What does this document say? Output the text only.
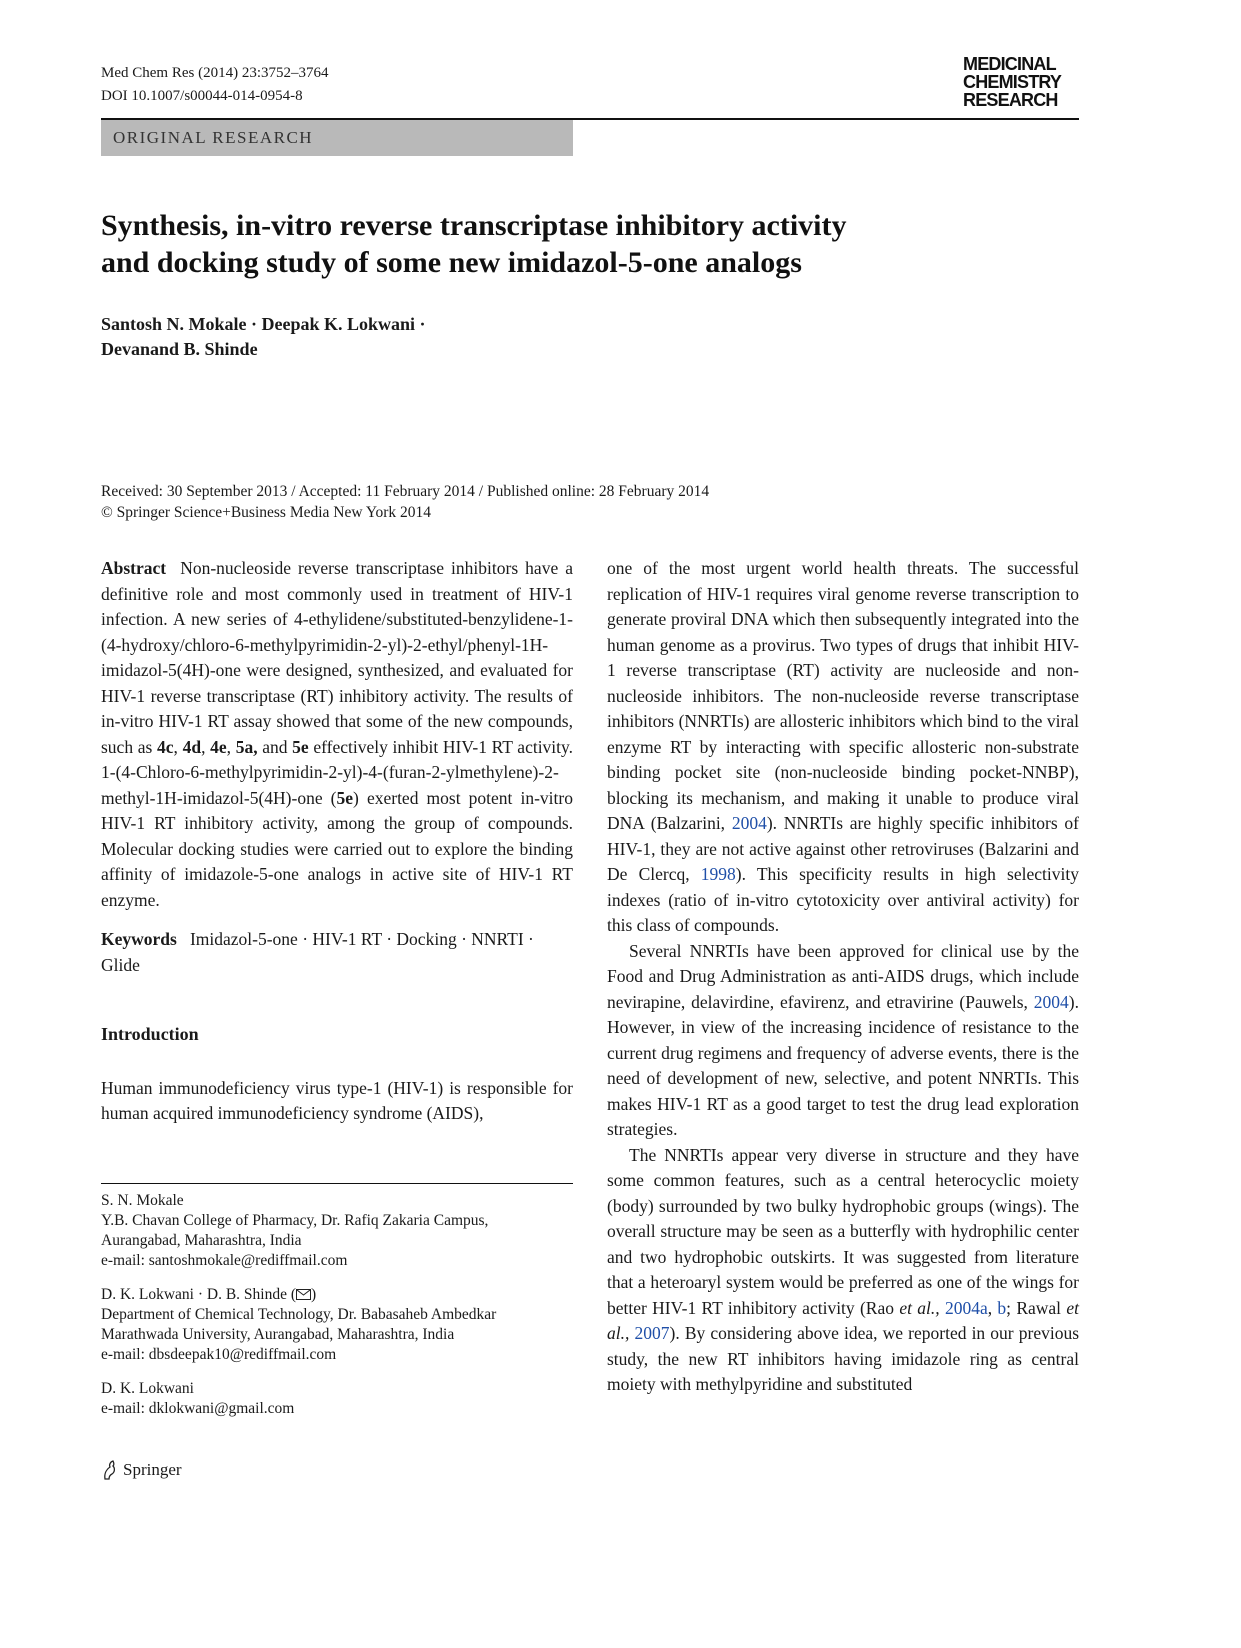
Med Chem Res (2014) 23:3752–3764
DOI 10.1007/s00044-014-0954-8
MEDICINAL
CHEMISTRY
RESEARCH
ORIGINAL RESEARCH
Synthesis, in-vitro reverse transcriptase inhibitory activity
and docking study of some new imidazol-5-one analogs
Santosh N. Mokale · Deepak K. Lokwani ·
Devanand B. Shinde
Received: 30 September 2013 / Accepted: 11 February 2014 / Published online: 28 February 2014
© Springer Science+Business Media New York 2014

Abstract Non-nucleoside reverse transcriptase inhibitors have a definitive role and most commonly used in treatment of HIV-1 infection. A new series of 4-ethylidene/substituted-benzylidene-1-(4-hydroxy/chloro-6-methylpyrimidin-2-yl)-2-ethyl/phenyl-1H-imidazol-5(4H)-one were designed, synthesized, and evaluated for HIV-1 reverse transcriptase (RT) inhibitory activity. The results of in-vitro HIV-1 RT assay showed that some of the new compounds, such as 4c, 4d, 4e, 5a, and 5e effectively inhibit HIV-1 RT activity. 1-(4-Chloro-6-methylpyrimidin-2-yl)-4-(furan-2-ylmethylene)-2-methyl-1H-imidazol-5(4H)-one (5e) exerted most potent in-vitro HIV-1 RT inhibitory activity, among the group of compounds. Molecular docking studies were carried out to explore the binding affinity of imidazole-5-one analogs in active site of HIV-1 RT enzyme.

Keywords Imidazol-5-one · HIV-1 RT · Docking · NNRTI · Glide

Introduction

Human immunodeficiency virus type-1 (HIV-1) is responsible for human acquired immunodeficiency syndrome (AIDS),

S. N. Mokale
Y.B. Chavan College of Pharmacy, Dr. Rafiq Zakaria Campus,
Aurangabad, Maharashtra, India
e-mail: santoshmokale@rediffmail.com

D. K. Lokwani · D. B. Shinde ( )
Department of Chemical Technology, Dr. Babasaheb Ambedkar
Marathwada University, Aurangabad, Maharashtra, India
e-mail: dbsdeepak10@rediffmail.com

D. K. Lokwani
e-mail: dklokwani@gmail.com

one of the most urgent world health threats. The successful replication of HIV-1 requires viral genome reverse transcription to generate proviral DNA which then subsequently integrated into the human genome as a provirus. Two types of drugs that inhibit HIV-1 reverse transcriptase (RT) activity are nucleoside and non-nucleoside inhibitors. The non-nucleoside reverse transcriptase inhibitors (NNRTIs) are allosteric inhibitors which bind to the viral enzyme RT by interacting with specific allosteric non-substrate binding pocket site (non-nucleoside binding pocket-NNBP), blocking its mechanism, and making it unable to produce viral DNA (Balzarini, 2004). NNRTIs are highly specific inhibitors of HIV-1, they are not active against other retroviruses (Balzarini and De Clercq, 1998). This specificity results in high selectivity indexes (ratio of in-vitro cytotoxicity over antiviral activity) for this class of compounds.

Several NNRTIs have been approved for clinical use by the Food and Drug Administration as anti-AIDS drugs, which include nevirapine, delavirdine, efavirenz, and etravirine (Pauwels, 2004). However, in view of the increasing incidence of resistance to the current drug regimens and frequency of adverse events, there is the need of development of new, selective, and potent NNRTIs. This makes HIV-1 RT as a good target to test the drug lead exploration strategies.

The NNRTIs appear very diverse in structure and they have some common features, such as a central heterocyclic moiety (body) surrounded by two bulky hydrophobic groups (wings). The overall structure may be seen as a butterfly with hydrophilic center and two hydrophobic outskirts. It was suggested from literature that a heteroaryl system would be preferred as one of the wings for better HIV-1 RT inhibitory activity (Rao et al., 2004a, b; Rawal et al., 2007). By considering above idea, we reported in our previous study, the new RT inhibitors having imidazole ring as central moiety with methylpyridine and substituted

Springer
